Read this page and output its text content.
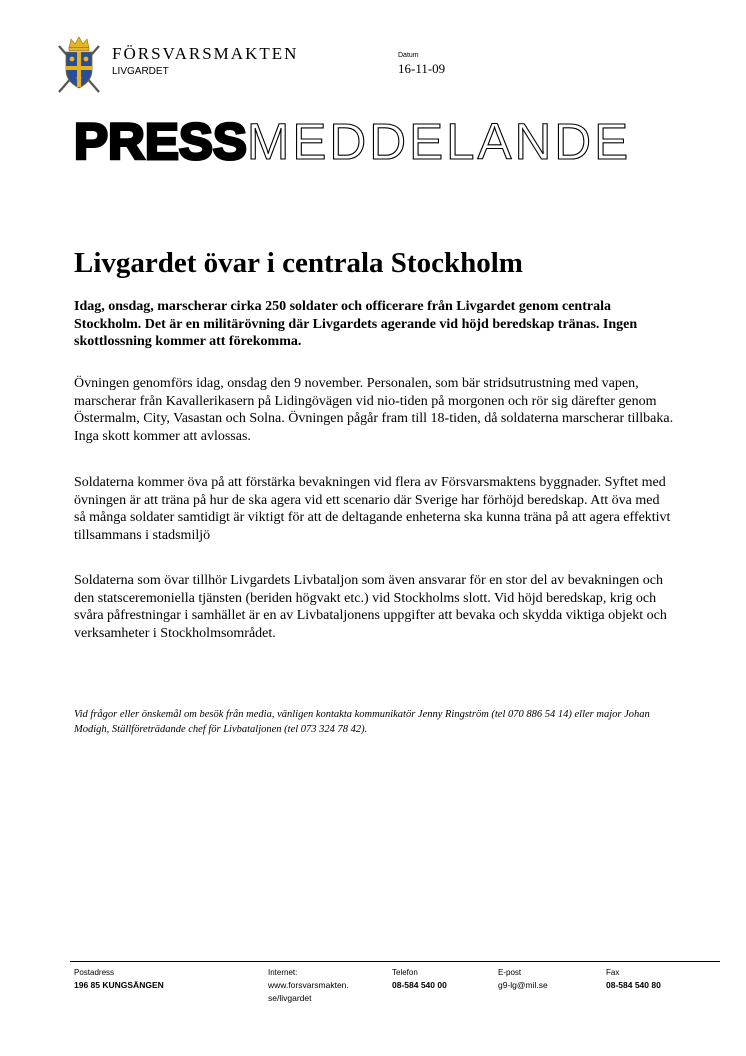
FÖRSVARSMAKTEN
LIVGARDET
Datum
16-11-09
PRESSMEDDELANDE
Livgardet övar i centrala Stockholm
Idag, onsdag, marscherar cirka 250 soldater och officerare från Livgardet genom centrala Stockholm. Det är en militärövning där Livgardets agerande vid höjd beredskap tränas. Ingen skottlossning kommer att förekomma.
Övningen genomförs idag, onsdag den 9 november. Personalen, som bär stridsutrustning med vapen, marscherar från Kavallerikasern på Lidingövägen vid nio-tiden på morgonen och rör sig därefter genom Östermalm, City, Vasastan och Solna. Övningen pågår fram till 18-tiden, då soldaterna marscherar tillbaka. Inga skott kommer att avlossas.
Soldaterna kommer öva på att förstärka bevakningen vid flera av Försvarsmaktens byggnader. Syftet med övningen är att träna på hur de ska agera vid ett scenario där Sverige har förhöjd beredskap. Att öva med så många soldater samtidigt är viktigt för att de deltagande enheterna ska kunna träna på att agera effektivt tillsammans i stadsmiljö
Soldaterna som övar tillhör Livgardets Livbataljon som även ansvarar för en stor del av bevakningen och den statsceremoniella tjänsten (beriden högvakt etc.) vid Stockholms slott. Vid höjd beredskap, krig och svåra påfrestningar i samhället är en av Livbataljonens uppgifter att bevaka och skydda viktiga objekt och verksamheter i Stockholmsområdet.
Vid frågor eller önskemål om besök från media, vänligen kontakta kommunikatör Jenny Ringström (tel 070 886 54 14) eller major Johan Modigh, Ställföreträdande chef för Livbataljonen (tel 073 324 78 42).
Postadress
196 85 KUNGSÄNGEN
Internet:
www.forsvarsmakten.
se/livgardet
Telefon
08-584 540 00
E-post
g9-lg@mil.se
Fax
08-584 540 80
